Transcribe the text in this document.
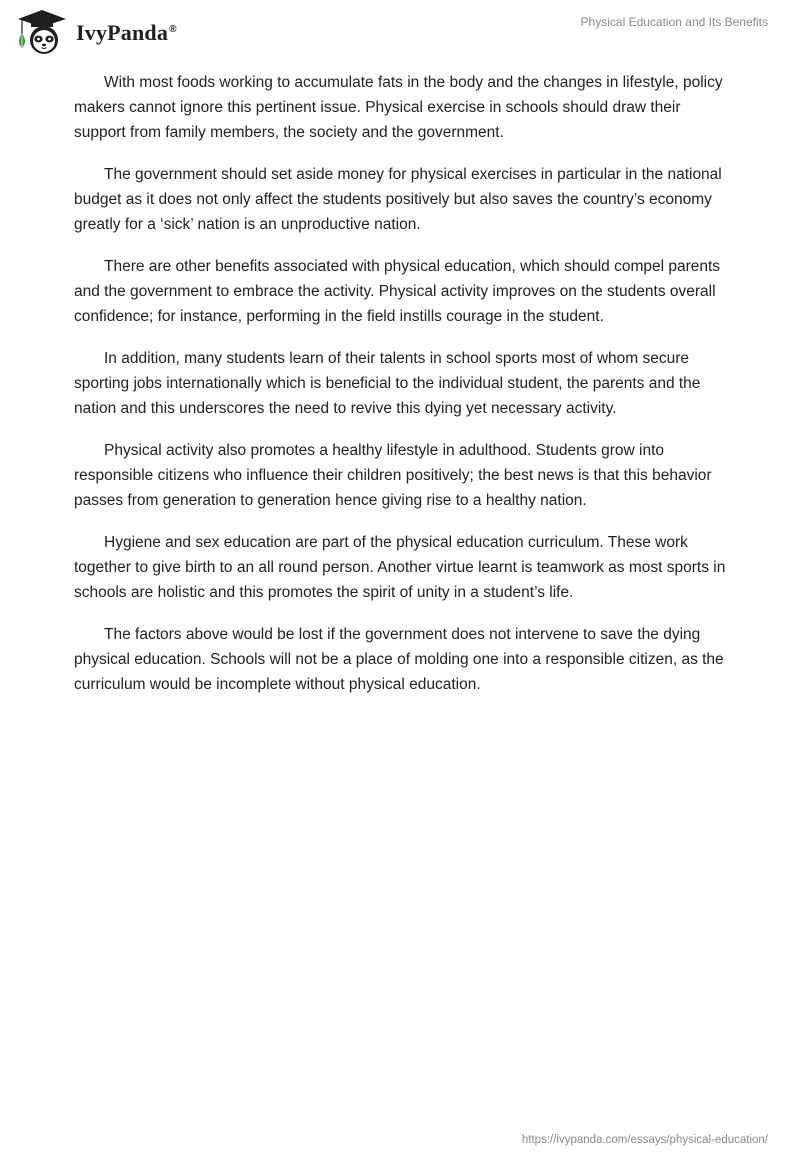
IvyPanda®
Physical Education and Its Benefits

With most foods working to accumulate fats in the body and the changes in lifestyle, policy makers cannot ignore this pertinent issue. Physical exercise in schools should draw their support from family members, the society and the government.

The government should set aside money for physical exercises in particular in the national budget as it does not only affect the students positively but also saves the country’s economy greatly for a ‘sick’ nation is an unproductive nation.

There are other benefits associated with physical education, which should compel parents and the government to embrace the activity. Physical activity improves on the students overall confidence; for instance, performing in the field instills courage in the student.

In addition, many students learn of their talents in school sports most of whom secure sporting jobs internationally which is beneficial to the individual student, the parents and the nation and this underscores the need to revive this dying yet necessary activity.

Physical activity also promotes a healthy lifestyle in adulthood. Students grow into responsible citizens who influence their children positively; the best news is that this behavior passes from generation to generation hence giving rise to a healthy nation.

Hygiene and sex education are part of the physical education curriculum. These work together to give birth to an all round person. Another virtue learnt is teamwork as most sports in schools are holistic and this promotes the spirit of unity in a student’s life.

The factors above would be lost if the government does not intervene to save the dying physical education. Schools will not be a place of molding one into a responsible citizen, as the curriculum would be incomplete without physical education.

https://ivypanda.com/essays/physical-education/
